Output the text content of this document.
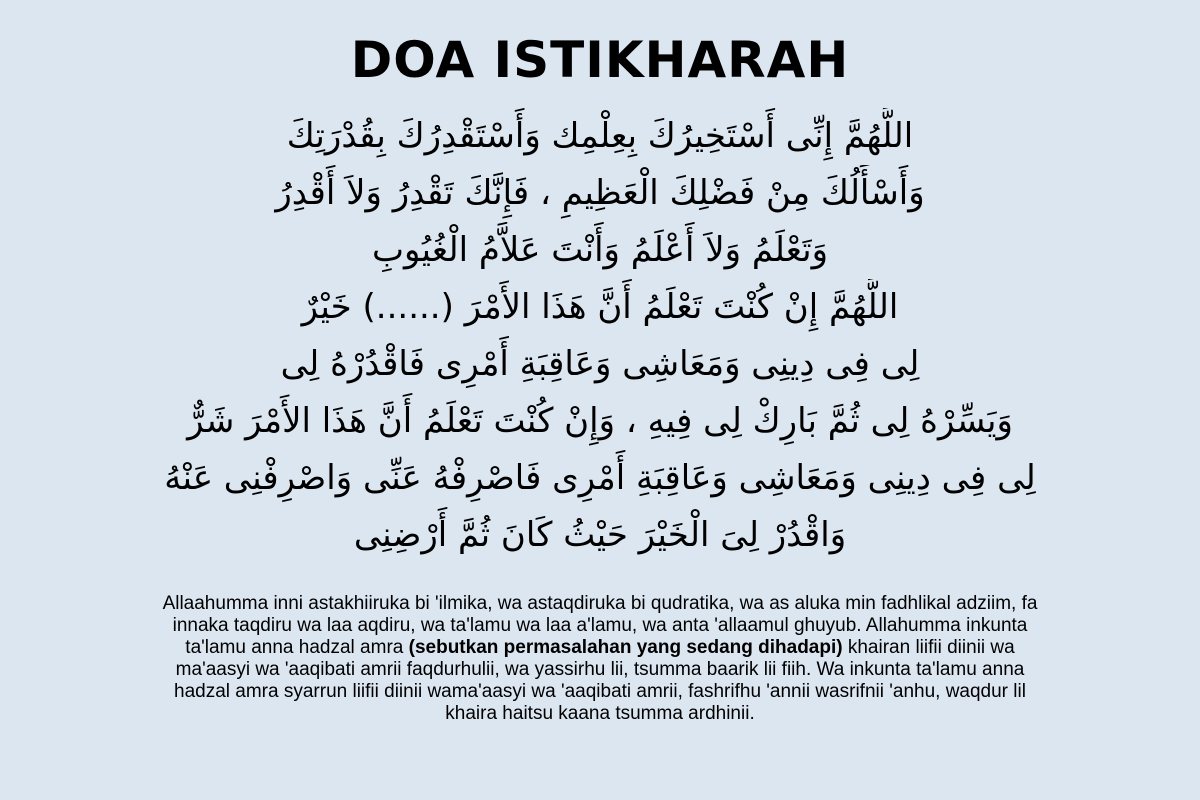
DOA ISTIKHARAH
اللَّهُمَّ إِنِّى أَسْتَخِيرُكَ بِعِلْمِك وَأَسْتَقْدِرُكَ بِقُدْرَتِكَ
وَأَسْأَلُكَ مِنْ فَضْلِكَ الْعَظِيمِ ، فَإِنَّكَ تَقْدِرُ وَلاَ أَقْدِرُ
وَتَعْلَمُ وَلاَ أَعْلَمُ وَأَنْتَ عَلاَّمُ الْغُيُوبِ
اللَّهُمَّ إِنْ كُنْتَ تَعْلَمُ أَنَّ هَذَا الأَمْرَ (......) خَيْرٌ
لِى فِى دِينِى وَمَعَاشِى وَعَاقِبَةِ أَمْرِى فَاقْدُرْهُ لِى
وَيَسِّرْهُ لِى ثُمَّ بَارِكْ لِى فِيهِ ، وَإِنْ كُنْتَ تَعْلَمُ أَنَّ هَذَا الأَمْرَ شَرٌّ
لِى فِى دِينِى وَمَعَاشِى وَعَاقِبَةِ أَمْرِى فَاصْرِفْهُ عَنِّى وَاصْرِفْنِى عَنْهُ
وَاقْدُرْ لِىَ الْخَيْرَ حَيْثُ كَانَ ثُمَّ أَرْضِنِى

Allaahumma inni astakhiiruka bi 'ilmika, wa astaqdiruka bi qudratika, wa as aluka min fadhlikal adziim, fa innaka taqdiru wa laa aqdiru, wa ta'lamu wa laa a'lamu, wa anta 'allaamul ghuyub. Allahumma inkunta ta'lamu anna hadzal amra (sebutkan permasalahan yang sedang dihadapi) khairan liifii diinii wa ma'aasyi wa 'aaqibati amrii faqdurhulii, wa yassirhu lii, tsumma baarik lii fiih. Wa inkunta ta'lamu anna hadzal amra syarrun liifii diinii wama'aasyi wa 'aaqibati amrii, fashrifhu 'annii wasrifnii 'anhu, waqdur lil khaira haitsu kaana tsumma ardhinii.
